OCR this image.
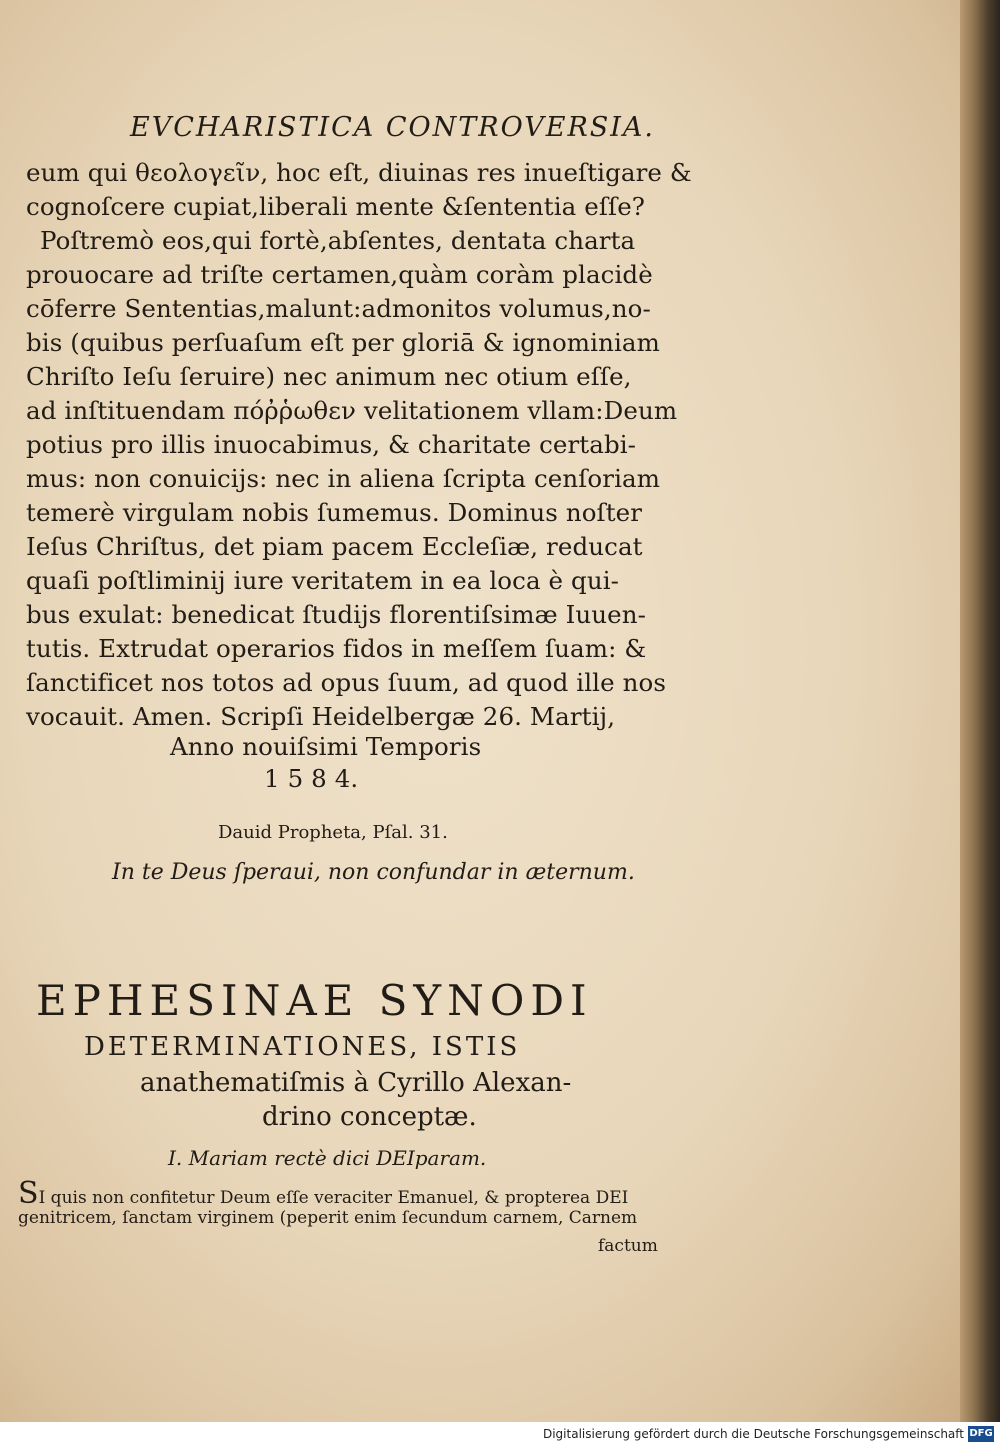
EVCHARISTICA CONTROVERSIA.
eum qui θεολογεῖν, hoc eſt, diuinas res inueſtigare &
cognoſcere cupiat,liberali mente &ſententia eſſe?
Poſtremò eos,qui fortè,abſentes, dentata charta
prouocare ad triſte certamen,quàm coràm placidè
cōferre Sententias,malunt:admonitos volumus,no-
bis (quibus perſuaſum eſt per gloriā & ignominiam
Chriſto Ieſu ſeruire) nec animum nec otium eſſe,
ad inſtituendam πόῤῥωθεν velitationem vllam:Deum
potius pro illis inuocabimus, & charitate certabi-
mus: non conuicijs: nec in aliena ſcripta cenſoriam
temerè virgulam nobis ſumemus. Dominus noſter
Ieſus Chriſtus, det piam pacem Eccleſiæ, reducat
quaſi poſtliminij iure veritatem in ea loca è qui-
bus exulat: benedicat ſtudijs florentiſsimæ Iuuen-
tutis. Extrudat operarios fidos in meſſem ſuam: &
ſanctificet nos totos ad opus ſuum, ad quod ille nos
vocauit. Amen. Scripſi Heidelbergæ 26. Martij,
Anno nouiſsimi Temporis
1 5 8 4.
Dauid Propheta, Pſal. 31.
In te Deus ſperaui, non confundar in æternum.
EPHESINAE SYNODI
DETERMINATIONES, ISTIS
anathematiſmis à Cyrillo Alexan-
drino conceptæ.
I. Mariam rectè dici DEIparam.
SI quis non confitetur Deum eſſe veraciter Emanuel, & propterea DEI
genitricem, ſanctam virginem (peperit enim ſecundum carnem, Carnem
factum
Digitalisierung gefördert durch die Deutsche Forschungsgemeinschaft DFG
